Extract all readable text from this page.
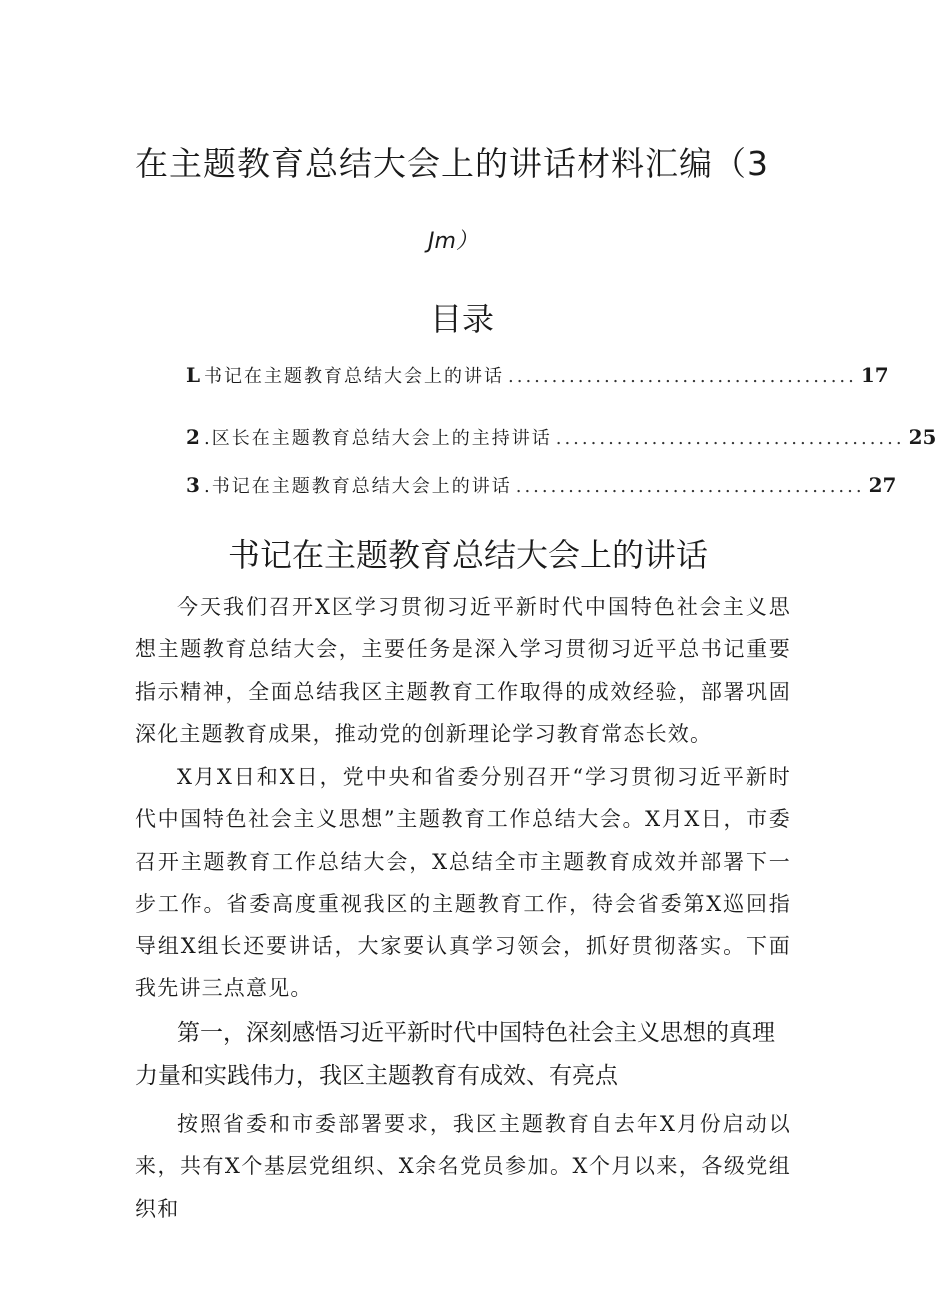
在主题教育总结大会上的讲话材料汇编（3
Jm）
目录
L 书记在主题教育总结大会上的讲话 ........................................ 17
2 .区长在主题教育总结大会上的主持讲话 ........................................ 25
3 .书记在主题教育总结大会上的讲话 ........................................ 27
书记在主题教育总结大会上的讲话
今天我们召开X区学习贯彻习近平新时代中国特色社会主义思想主题教育总结大会，主要任务是深入学习贯彻习近平总书记重要指示精神，全面总结我区主题教育工作取得的成效经验，部署巩固深化主题教育成果，推动党的创新理论学习教育常态长效。
X月X日和X日，党中央和省委分别召开“学习贯彻习近平新时代中国特色社会主义思想”主题教育工作总结大会。X月X日，市委召开主题教育工作总结大会，X总结全市主题教育成效并部署下一步工作。省委高度重视我区的主题教育工作，待会省委第X巡回指导组X组长还要讲话，大家要认真学习领会，抓好贯彻落实。下面我先讲三点意见。
第一，深刻感悟习近平新时代中国特色社会主义思想的真理力量和实践伟力，我区主题教育有成效、有亮点
按照省委和市委部署要求，我区主题教育自去年X月份启动以来，共有X个基层党组织、X余名党员参加。X个月以来，各级党组织和
